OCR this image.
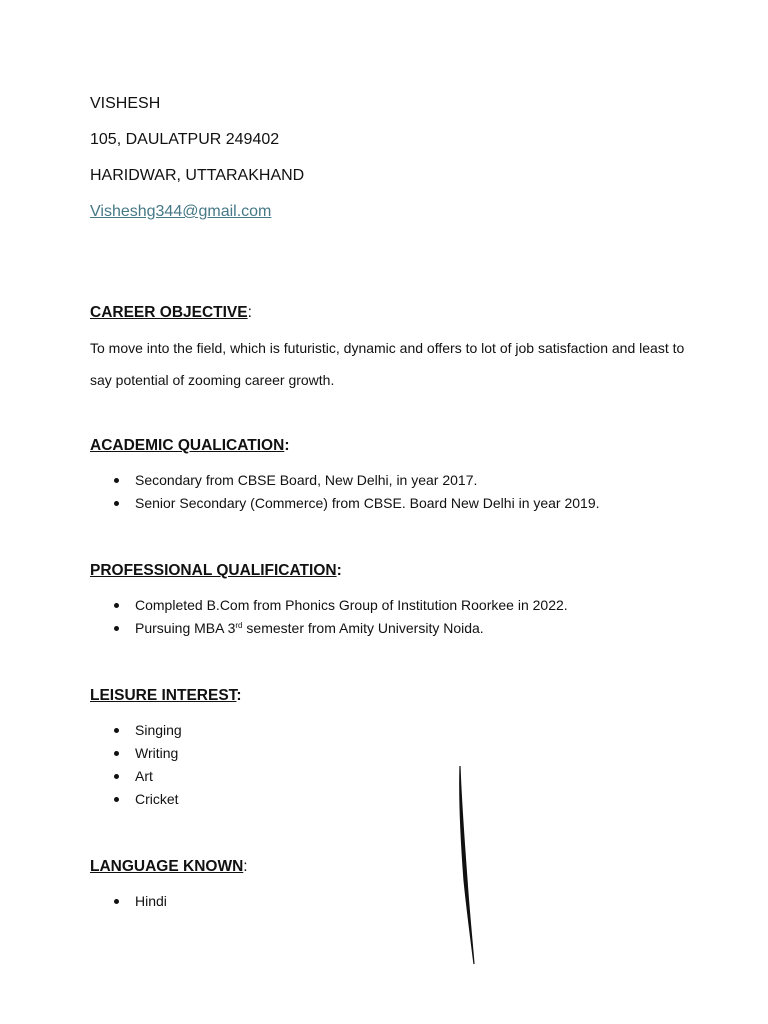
VISHESH

105, DAULATPUR 249402

HARIDWAR, UTTARAKHAND

Visheshg344@gmail.com

CAREER OBJECTIVE:

To move into the field, which is futuristic, dynamic and offers to lot of job satisfaction and least to say potential of zooming career growth.

ACADEMIC QUALICATION:
Secondary from CBSE Board, New Delhi, in year 2017.
Senior Secondary (Commerce) from CBSE. Board New Delhi in year 2019.
PROFESSIONAL QUALIFICATION:
Completed B.Com from Phonics Group of Institution Roorkee in 2022.
Pursuing MBA 3rd semester from Amity University Noida.
LEISURE INTEREST:
Singing
Writing
Art
Cricket
LANGUAGE KNOWN:
Hindi
